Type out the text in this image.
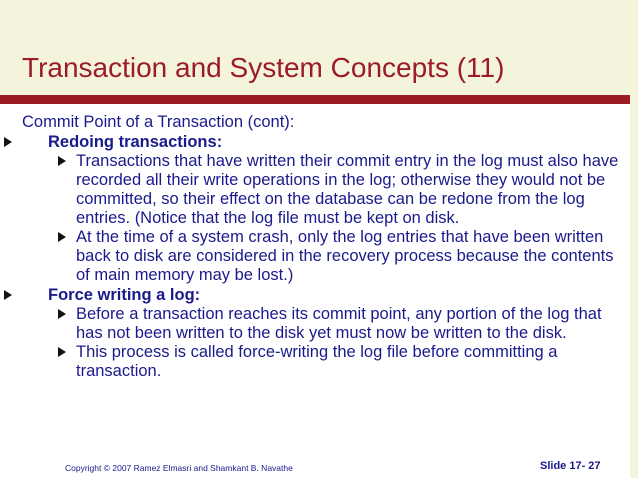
Transaction and System Concepts (11)
Commit Point of a Transaction (cont):
Redoing transactions:
Transactions that have written their commit entry in the log must also have recorded all their write operations in the log; otherwise they would not be committed, so their effect on the database can be redone from the log entries. (Notice that the log file must be kept on disk.
At the time of a system crash, only the log entries that have been written back to disk are considered in the recovery process because the contents of main memory may be lost.)
Force writing a log:
Before a transaction reaches its commit point, any portion of the log that has not been written to the disk yet must now be written to the disk.
This process is called force-writing the log file before committing a transaction.
Copyright © 2007 Ramez Elmasri and Shamkant B. Navathe	Slide 17- 27
